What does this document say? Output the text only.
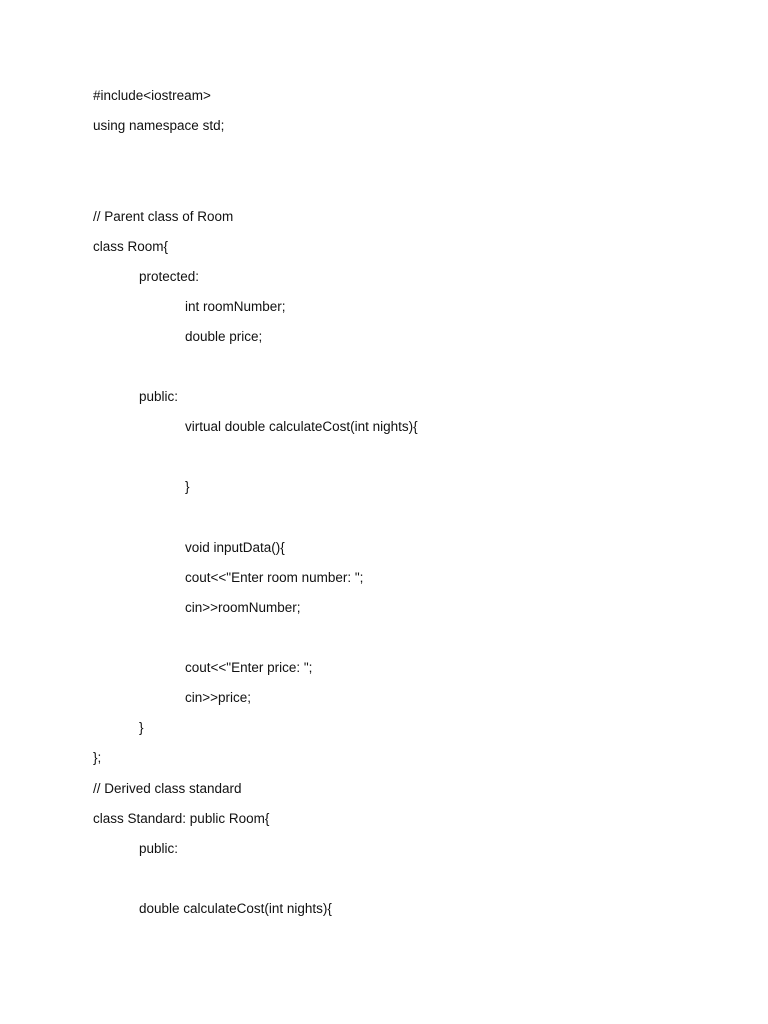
#include<iostream>
using namespace std;
// Parent class of Room
class Room{
protected:
int roomNumber;
double price;
public:
virtual double calculateCost(int nights){
}
void inputData(){
cout<<"Enter room number: ";
cin>>roomNumber;
cout<<"Enter price: ";
cin>>price;
}
};
// Derived class standard
class Standard: public Room{
public:
double calculateCost(int nights){
